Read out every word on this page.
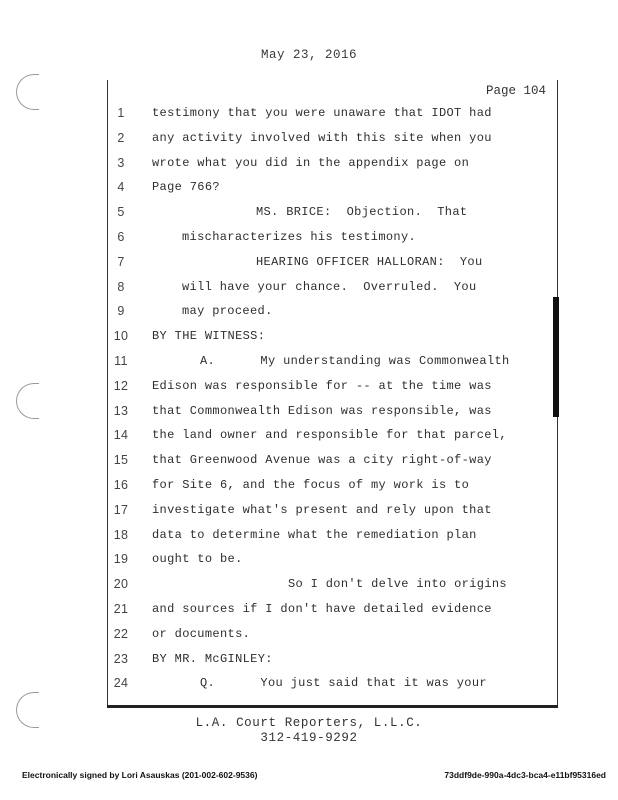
May 23, 2016
Page 104
1	testimony that you were unaware that IDOT had
2	any activity involved with this site when you
3	wrote what you did in the appendix page on
4	Page 766?
5	MS. BRICE:  Objection.  That
6	mischaracterizes his testimony.
7	HEARING OFFICER HALLORAN:  You
8	will have your chance.  Overruled.  You
9	may proceed.
10	BY THE WITNESS:
11	A.      My understanding was Commonwealth
12	Edison was responsible for -- at the time was
13	that Commonwealth Edison was responsible, was
14	the land owner and responsible for that parcel,
15	that Greenwood Avenue was a city right-of-way
16	for Site 6, and the focus of my work is to
17	investigate what's present and rely upon that
18	data to determine what the remediation plan
19	ought to be.
20	So I don't delve into origins
21	and sources if I don't have detailed evidence
22	or documents.
23	BY MR. McGINLEY:
24	Q.      You just said that it was your
L.A. Court Reporters, L.L.C.
312-419-9292
Electronically signed by Lori Asauskas (201-002-602-9536)	73ddf9de-990a-4dc3-bca4-e11bf95316ed
